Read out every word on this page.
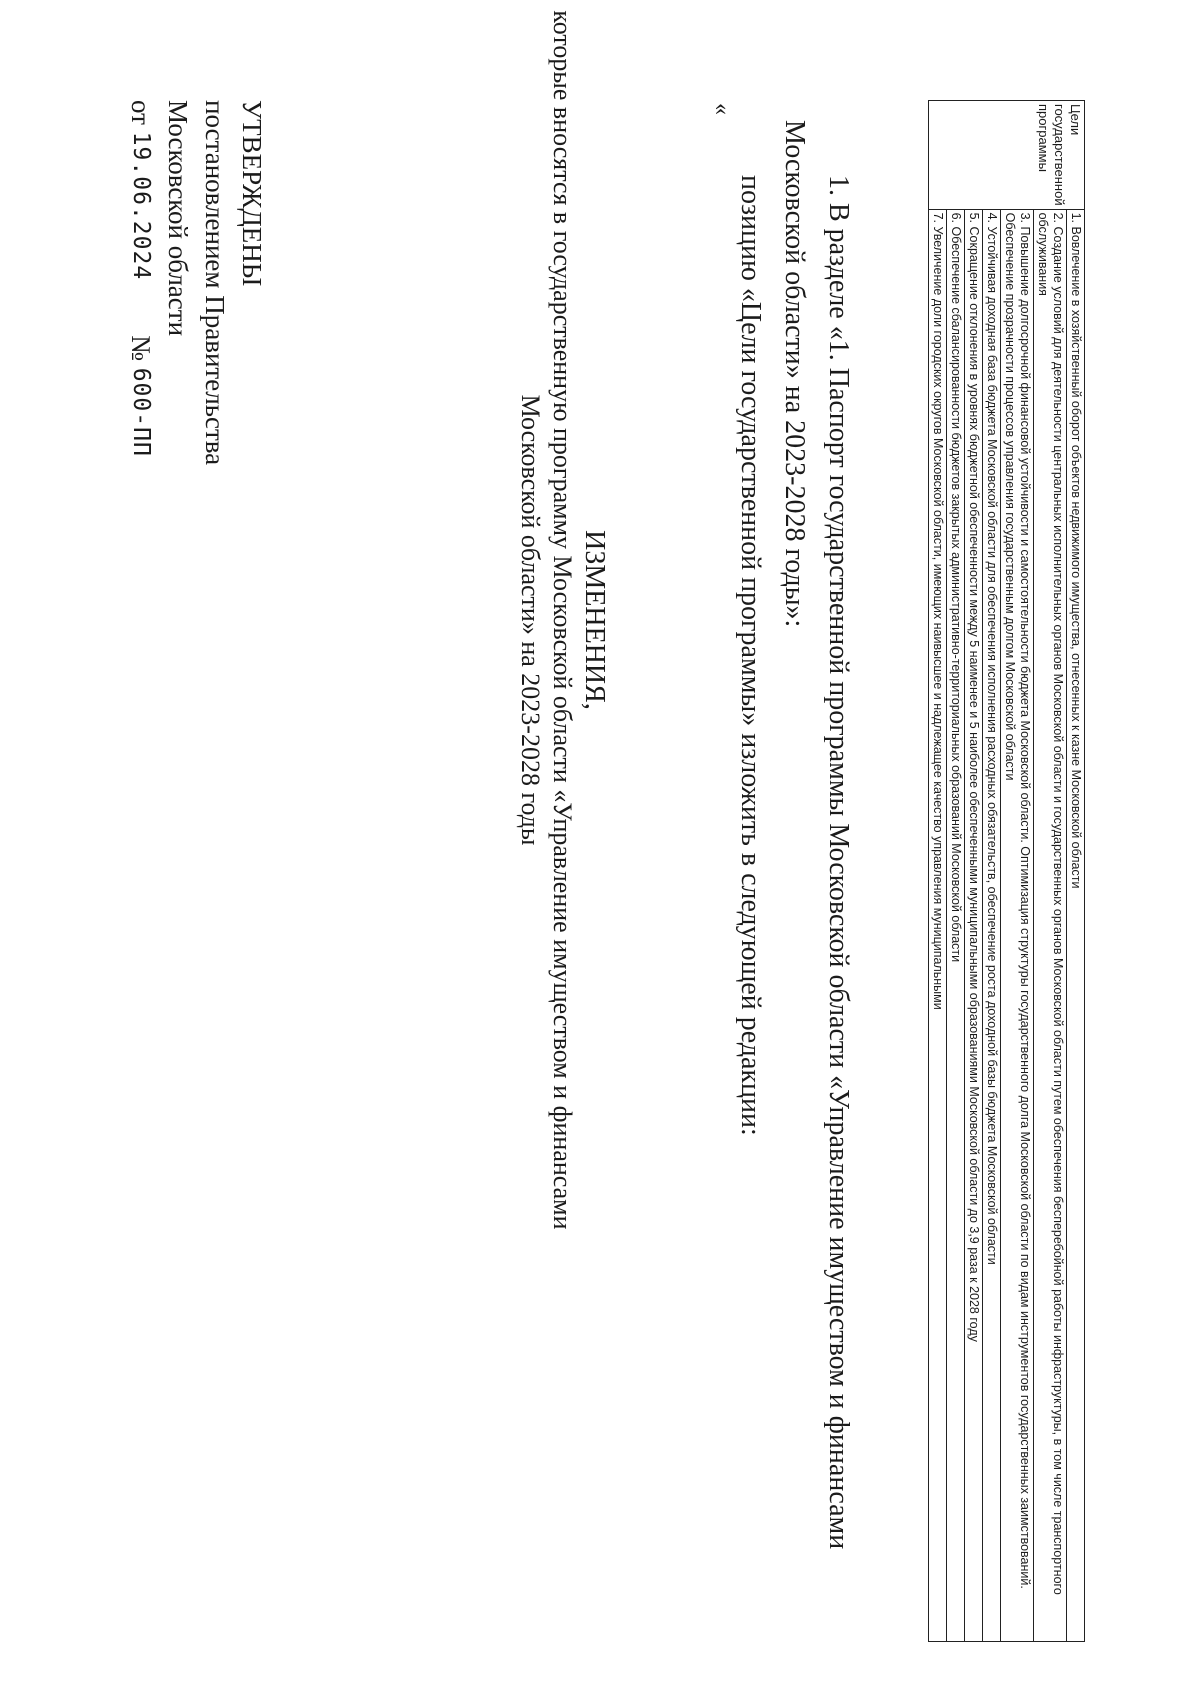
УТВЕРЖДЕНЫ
постановлением Правительства
Московской области
от

19.06.2024
№

600-ПП
ИЗМЕНЕНИЯ,
которые вносятся в государственную программу Московской области «Управление имуществом и финансами
Московской области» на 2023-2028 годы	1. В разделе «1. Паспорт государственной программы Московской области «Управление имуществом и финансами
Московской области» на 2023-2028 годы»:
позицию «Цели государственной программы» изложить в следующей редакции:
«	Цели государственной программы	1. Вовлечение в хозяйственный оборот объектов недвижимого имущества, отнесенных к казне Московской области
2. Создание условий для деятельности центральных исполнительных органов Московской области и государственных органов Московской области путем обеспечения бесперебойной работы инфраструктуры, в том числе транспортного обслуживания
3. Повышение долгосрочной финансовой устойчивости и самостоятельности бюджета Московской области. Оптимизация структуры государственного долга Московской области по видам инструментов государственных заимствований. Обеспечение прозрачности процессов управления государственным долгом Московской области
4. Устойчивая доходная база бюджета Московской области для обеспечения исполнения расходных обязательств, обеспечение роста доходной базы бюджета Московской области
5. Сокращение отклонения в уровнях бюджетной обеспеченности между 5 наименее и 5 наиболее обеспеченными муниципальными образованиями Московской области до 3,9 раза к 2028 году
6. Обеспечение сбалансированности бюджетов закрытых административно-территориальных образований Московской области
7. Увеличение доли городских округов Московской области, имеющих наивысшее и надлежащее качество управления муниципальными
